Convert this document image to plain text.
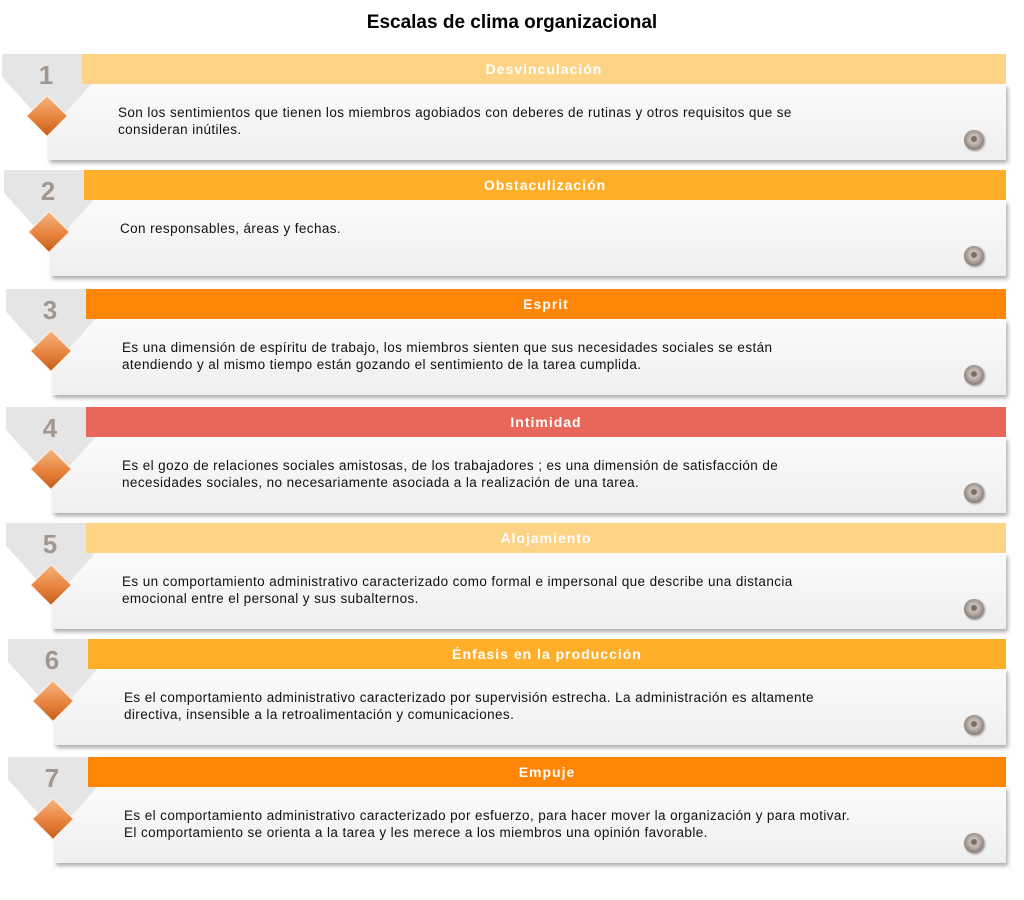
Escalas de clima organizacional
Son los sentimientos que tienen los miembros agobiados con deberes de rutinas y otros requisitos que se
consideran inútiles.
1	Desvinculación
Con responsables, áreas y fechas.
2	Obstaculización
Es una dimensión de espíritu de trabajo, los miembros sienten que sus necesidades sociales se están
atendiendo y al mismo tiempo están gozando el sentimiento de la tarea cumplida.
3	Esprit
Es el gozo de relaciones sociales amistosas, de los trabajadores ; es una dimensión de satisfacción de
necesidades sociales, no necesariamente asociada a la realización de una tarea.
4	Intimidad
Es un comportamiento administrativo caracterizado como formal e impersonal que describe una distancia
emocional entre el personal y sus subalternos.
5	Alojamiento
Es el comportamiento administrativo caracterizado por supervisión estrecha. La administración es altamente
directiva, insensible a la retroalimentación y comunicaciones.
6	Énfasis en la producción
Es el comportamiento administrativo caracterizado por esfuerzo, para hacer mover la organización y para motivar.
El comportamiento se orienta a la tarea y les merece a los miembros una opinión favorable.
7	Empuje
